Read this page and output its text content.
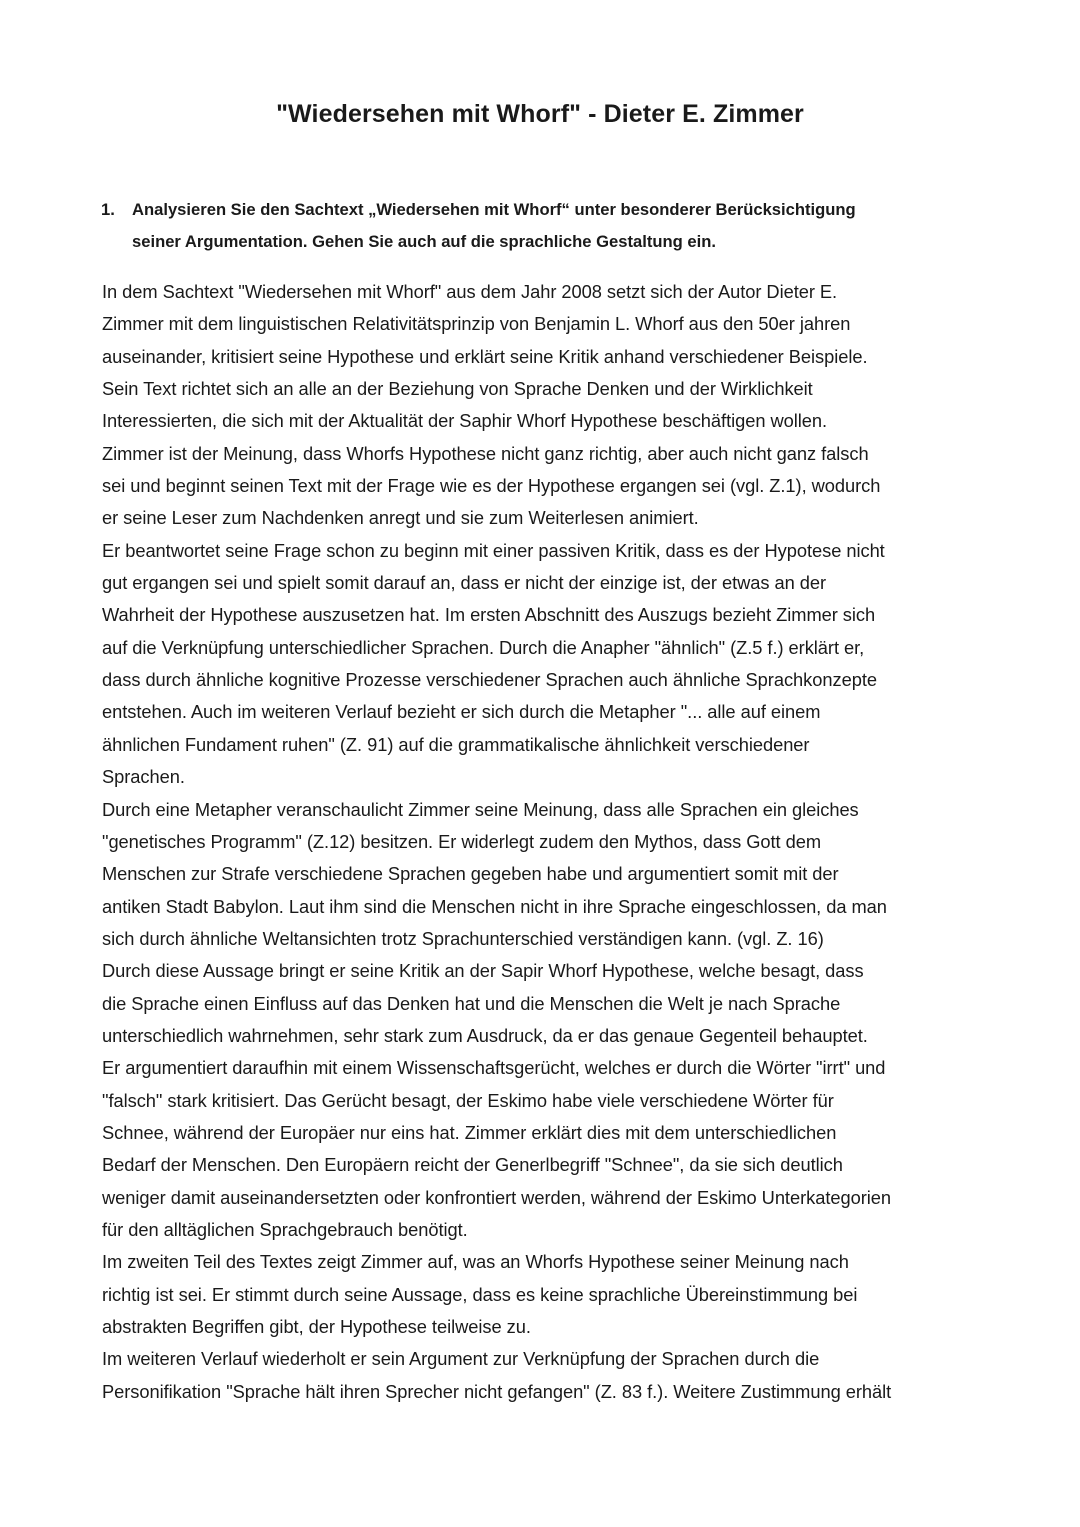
"Wiedersehen mit Whorf" - Dieter E. Zimmer
1.	Analysieren Sie den Sachtext „Wiedersehen mit Whorf“ unter besonderer Berücksichtigung
seiner Argumentation. Gehen Sie auch auf die sprachliche Gestaltung ein.
In dem Sachtext "Wiedersehen mit Whorf" aus dem Jahr 2008 setzt sich der Autor Dieter E.
Zimmer mit dem linguistischen Relativitätsprinzip von Benjamin L. Whorf aus den 50er jahren
auseinander, kritisiert seine Hypothese und erklärt seine Kritik anhand verschiedener Beispiele.
Sein Text richtet sich an alle an der Beziehung von Sprache Denken und der Wirklichkeit
Interessierten, die sich mit der Aktualität der Saphir Whorf Hypothese beschäftigen wollen.
Zimmer ist der Meinung, dass Whorfs Hypothese nicht ganz richtig, aber auch nicht ganz falsch
sei und beginnt seinen Text mit der Frage wie es der Hypothese ergangen sei (vgl. Z.1), wodurch
er seine Leser zum Nachdenken anregt und sie zum Weiterlesen animiert.
Er beantwortet seine Frage schon zu beginn mit einer passiven Kritik, dass es der Hypotese nicht
gut ergangen sei und spielt somit darauf an, dass er nicht der einzige ist, der etwas an der
Wahrheit der Hypothese auszusetzen hat. Im ersten Abschnitt des Auszugs bezieht Zimmer sich
auf die Verknüpfung unterschiedlicher Sprachen. Durch die Anapher "ähnlich" (Z.5 f.) erklärt er,
dass durch ähnliche kognitive Prozesse verschiedener Sprachen auch ähnliche Sprachkonzepte
entstehen. Auch im weiteren Verlauf bezieht er sich durch die Metapher "... alle auf einem
ähnlichen Fundament ruhen" (Z. 91) auf die grammatikalische ähnlichkeit verschiedener
Sprachen.
Durch eine Metapher veranschaulicht Zimmer seine Meinung, dass alle Sprachen ein gleiches
"genetisches Programm" (Z.12) besitzen. Er widerlegt zudem den Mythos, dass Gott dem
Menschen zur Strafe verschiedene Sprachen gegeben habe und argumentiert somit mit der
antiken Stadt Babylon. Laut ihm sind die Menschen nicht in ihre Sprache eingeschlossen, da man
sich durch ähnliche Weltansichten trotz Sprachunterschied verständigen kann. (vgl. Z. 16)
Durch diese Aussage bringt er seine Kritik an der Sapir Whorf Hypothese, welche besagt, dass
die Sprache einen Einfluss auf das Denken hat und die Menschen die Welt je nach Sprache
unterschiedlich wahrnehmen, sehr stark zum Ausdruck, da er das genaue Gegenteil behauptet.
Er argumentiert daraufhin mit einem Wissenschaftsgerücht, welches er durch die Wörter "irrt" und
"falsch" stark kritisiert. Das Gerücht besagt, der Eskimo habe viele verschiedene Wörter für
Schnee, während der Europäer nur eins hat. Zimmer erklärt dies mit dem unterschiedlichen
Bedarf der Menschen. Den Europäern reicht der Generlbegriff "Schnee", da sie sich deutlich
weniger damit auseinandersetzten oder konfrontiert werden, während der Eskimo Unterkategorien
für den alltäglichen Sprachgebrauch benötigt.
Im zweiten Teil des Textes zeigt Zimmer auf, was an Whorfs Hypothese seiner Meinung nach
richtig ist sei. Er stimmt durch seine Aussage, dass es keine sprachliche Übereinstimmung bei
abstrakten Begriffen gibt, der Hypothese teilweise zu.
Im weiteren Verlauf wiederholt er sein Argument zur Verknüpfung der Sprachen durch die
Personifikation "Sprache hält ihren Sprecher nicht gefangen" (Z. 83 f.). Weitere Zustimmung erhält
